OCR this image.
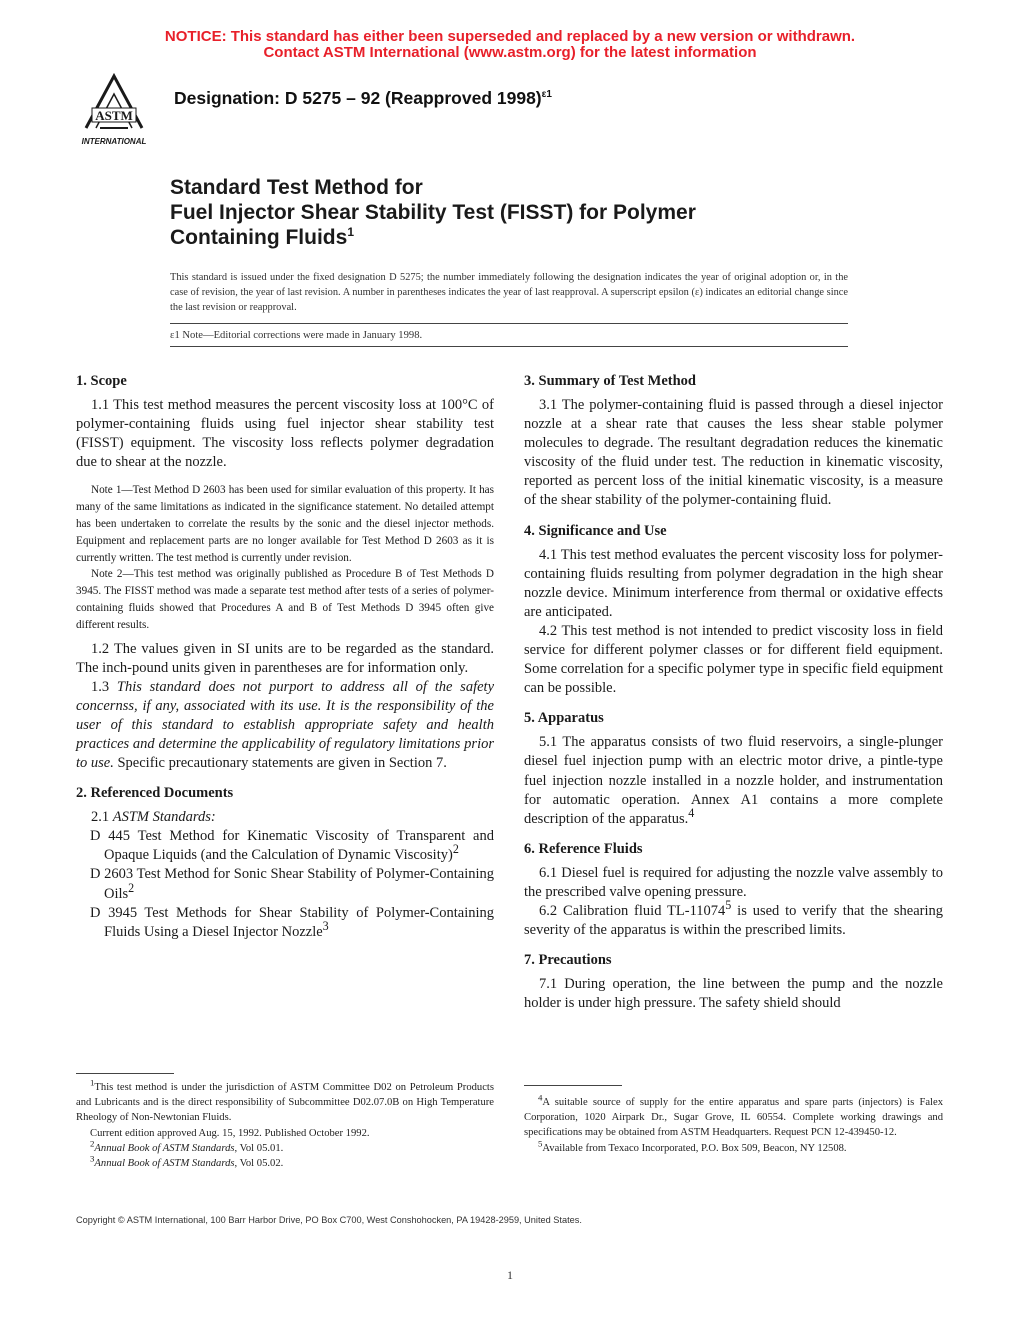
NOTICE: This standard has either been superseded and replaced by a new version or withdrawn.
Contact ASTM International (www.astm.org) for the latest information
ASTM
INTERNATIONAL
Designation: D 5275 – 92 (Reapproved 1998)$^{\varepsilon 1}$
Standard Test Method for
Fuel Injector Shear Stability Test (FISST) for Polymer
Containing Fluids$^1$
This standard is issued under the fixed designation D 5275; the number immediately following the designation indicates the year of original adoption or, in the case of revision, the year of last revision. A number in parentheses indicates the year of last reapproval. A superscript epsilon (ε) indicates an editorial change since the last revision or reapproval.
ε1 Note—Editorial corrections were made in January 1998.
1. Scope

1.1 This test method measures the percent viscosity loss at 100°C of polymer-containing fluids using fuel injector shear stability test (FISST) equipment. The viscosity loss reflects polymer degradation due to shear at the nozzle.

Note 1—Test Method D 2603 has been used for similar evaluation of this property. It has many of the same limitations as indicated in the significance statement. No detailed attempt has been undertaken to correlate the results by the sonic and the diesel injector methods. Equipment and replacement parts are no longer available for Test Method D 2603 as it is currently written. The test method is currently under revision.

Note 2—This test method was originally published as Procedure B of Test Methods D 3945. The FISST method was made a separate test method after tests of a series of polymer-containing fluids showed that Procedures A and B of Test Methods D 3945 often give different results.

1.2 The values given in SI units are to be regarded as the standard. The inch-pound units given in parentheses are for information only.

1.3 This standard does not purport to address all of the safety concernss, if any, associated with its use. It is the responsibility of the user of this standard to establish appropriate safety and health practices and determine the applicability of regulatory limitations prior to use. Specific precautionary statements are given in Section 7.

2. Referenced Documents

2.1 ASTM Standards:

D 445 Test Method for Kinematic Viscosity of Transparent and Opaque Liquids (and the Calculation of Dynamic Viscosity)$^2$

D 2603 Test Method for Sonic Shear Stability of Polymer-Containing Oils$^2$

D 3945 Test Methods for Shear Stability of Polymer-Containing Fluids Using a Diesel Injector Nozzle$^3$

3. Summary of Test Method

3.1 The polymer-containing fluid is passed through a diesel injector nozzle at a shear rate that causes the less shear stable polymer molecules to degrade. The resultant degradation reduces the kinematic viscosity of the fluid under test. The reduction in kinematic viscosity, reported as percent loss of the initial kinematic viscosity, is a measure of the shear stability of the polymer-containing fluid.

4. Significance and Use

4.1 This test method evaluates the percent viscosity loss for polymer-containing fluids resulting from polymer degradation in the high shear nozzle device. Minimum interference from thermal or oxidative effects are anticipated.

4.2 This test method is not intended to predict viscosity loss in field service for different polymer classes or for different field equipment. Some correlation for a specific polymer type in specific field equipment can be possible.

5. Apparatus

5.1 The apparatus consists of two fluid reservoirs, a single-plunger diesel fuel injection pump with an electric motor drive, a pintle-type fuel injection nozzle installed in a nozzle holder, and instrumentation for automatic operation. Annex A1 contains a more complete description of the apparatus.$^4$

6. Reference Fluids

6.1 Diesel fuel is required for adjusting the nozzle valve assembly to the prescribed valve opening pressure.

6.2 Calibration fluid TL-11074$^5$ is used to verify that the shearing severity of the apparatus is within the prescribed limits.

7. Precautions

7.1 During operation, the line between the pump and the nozzle holder is under high pressure. The safety shield should

$^1$This test method is under the jurisdiction of ASTM Committee D02 on Petroleum Products and Lubricants and is the direct responsibility of Subcommittee D02.07.0B on High Temperature Rheology of Non-Newtonian Fluids.

Current edition approved Aug. 15, 1992. Published October 1992.

$^2$Annual Book of ASTM Standards, Vol 05.01.

$^3$Annual Book of ASTM Standards, Vol 05.02.

$^4$A suitable source of supply for the entire apparatus and spare parts (injectors) is Falex Corporation, 1020 Airpark Dr., Sugar Grove, IL 60554. Complete working drawings and specifications may be obtained from ASTM Headquarters. Request PCN 12-439450-12.

$^5$Available from Texaco Incorporated, P.O. Box 509, Beacon, NY 12508.

Copyright © ASTM International, 100 Barr Harbor Drive, PO Box C700, West Conshohocken, PA 19428-2959, United States.
1
